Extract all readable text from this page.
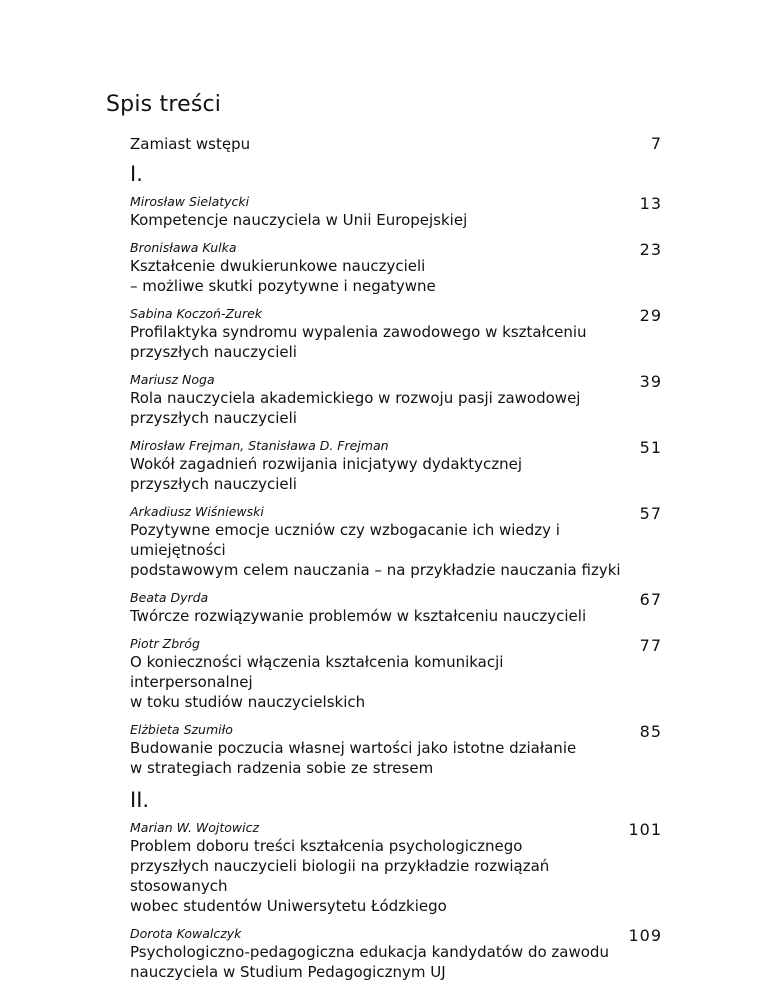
Spis treści
Zamiast wstępu	7
I.
Mirosław Sielatycki
Kompetencje nauczyciela w Unii Europejskiej
13
Bronisława Kulka
Kształcenie dwukierunkowe nauczycieli
– możliwe skutki pozytywne i negatywne
23
Sabina Koczoń-Zurek
Profilaktyka syndromu wypalenia zawodowego w kształceniu
przyszłych nauczycieli
29
Mariusz Noga
Rola nauczyciela akademickiego w rozwoju pasji zawodowej
przyszłych nauczycieli
39
Mirosław Frejman, Stanisława D. Frejman
Wokół zagadnień rozwijania inicjatywy dydaktycznej
przyszłych nauczycieli
51
Arkadiusz Wiśniewski
Pozytywne emocje uczniów czy wzbogacanie ich wiedzy i umiejętności
podstawowym celem nauczania – na przykładzie nauczania fizyki
57
Beata Dyrda
Twórcze rozwiązywanie problemów w kształceniu nauczycieli
67
Piotr Zbróg
O konieczności włączenia kształcenia komunikacji interpersonalnej
w toku studiów nauczycielskich
77
Elżbieta Szumiło
Budowanie poczucia własnej wartości jako istotne działanie
w strategiach radzenia sobie ze stresem
85
II.
Marian W. Wojtowicz
Problem doboru treści kształcenia psychologicznego
przyszłych nauczycieli biologii na przykładzie rozwiązań stosowanych
wobec studentów Uniwersytetu Łódzkiego
101
Dorota Kowalczyk
Psychologiczno-pedagogiczna edukacja kandydatów do zawodu
nauczyciela w Studium Pedagogicznym UJ
109
